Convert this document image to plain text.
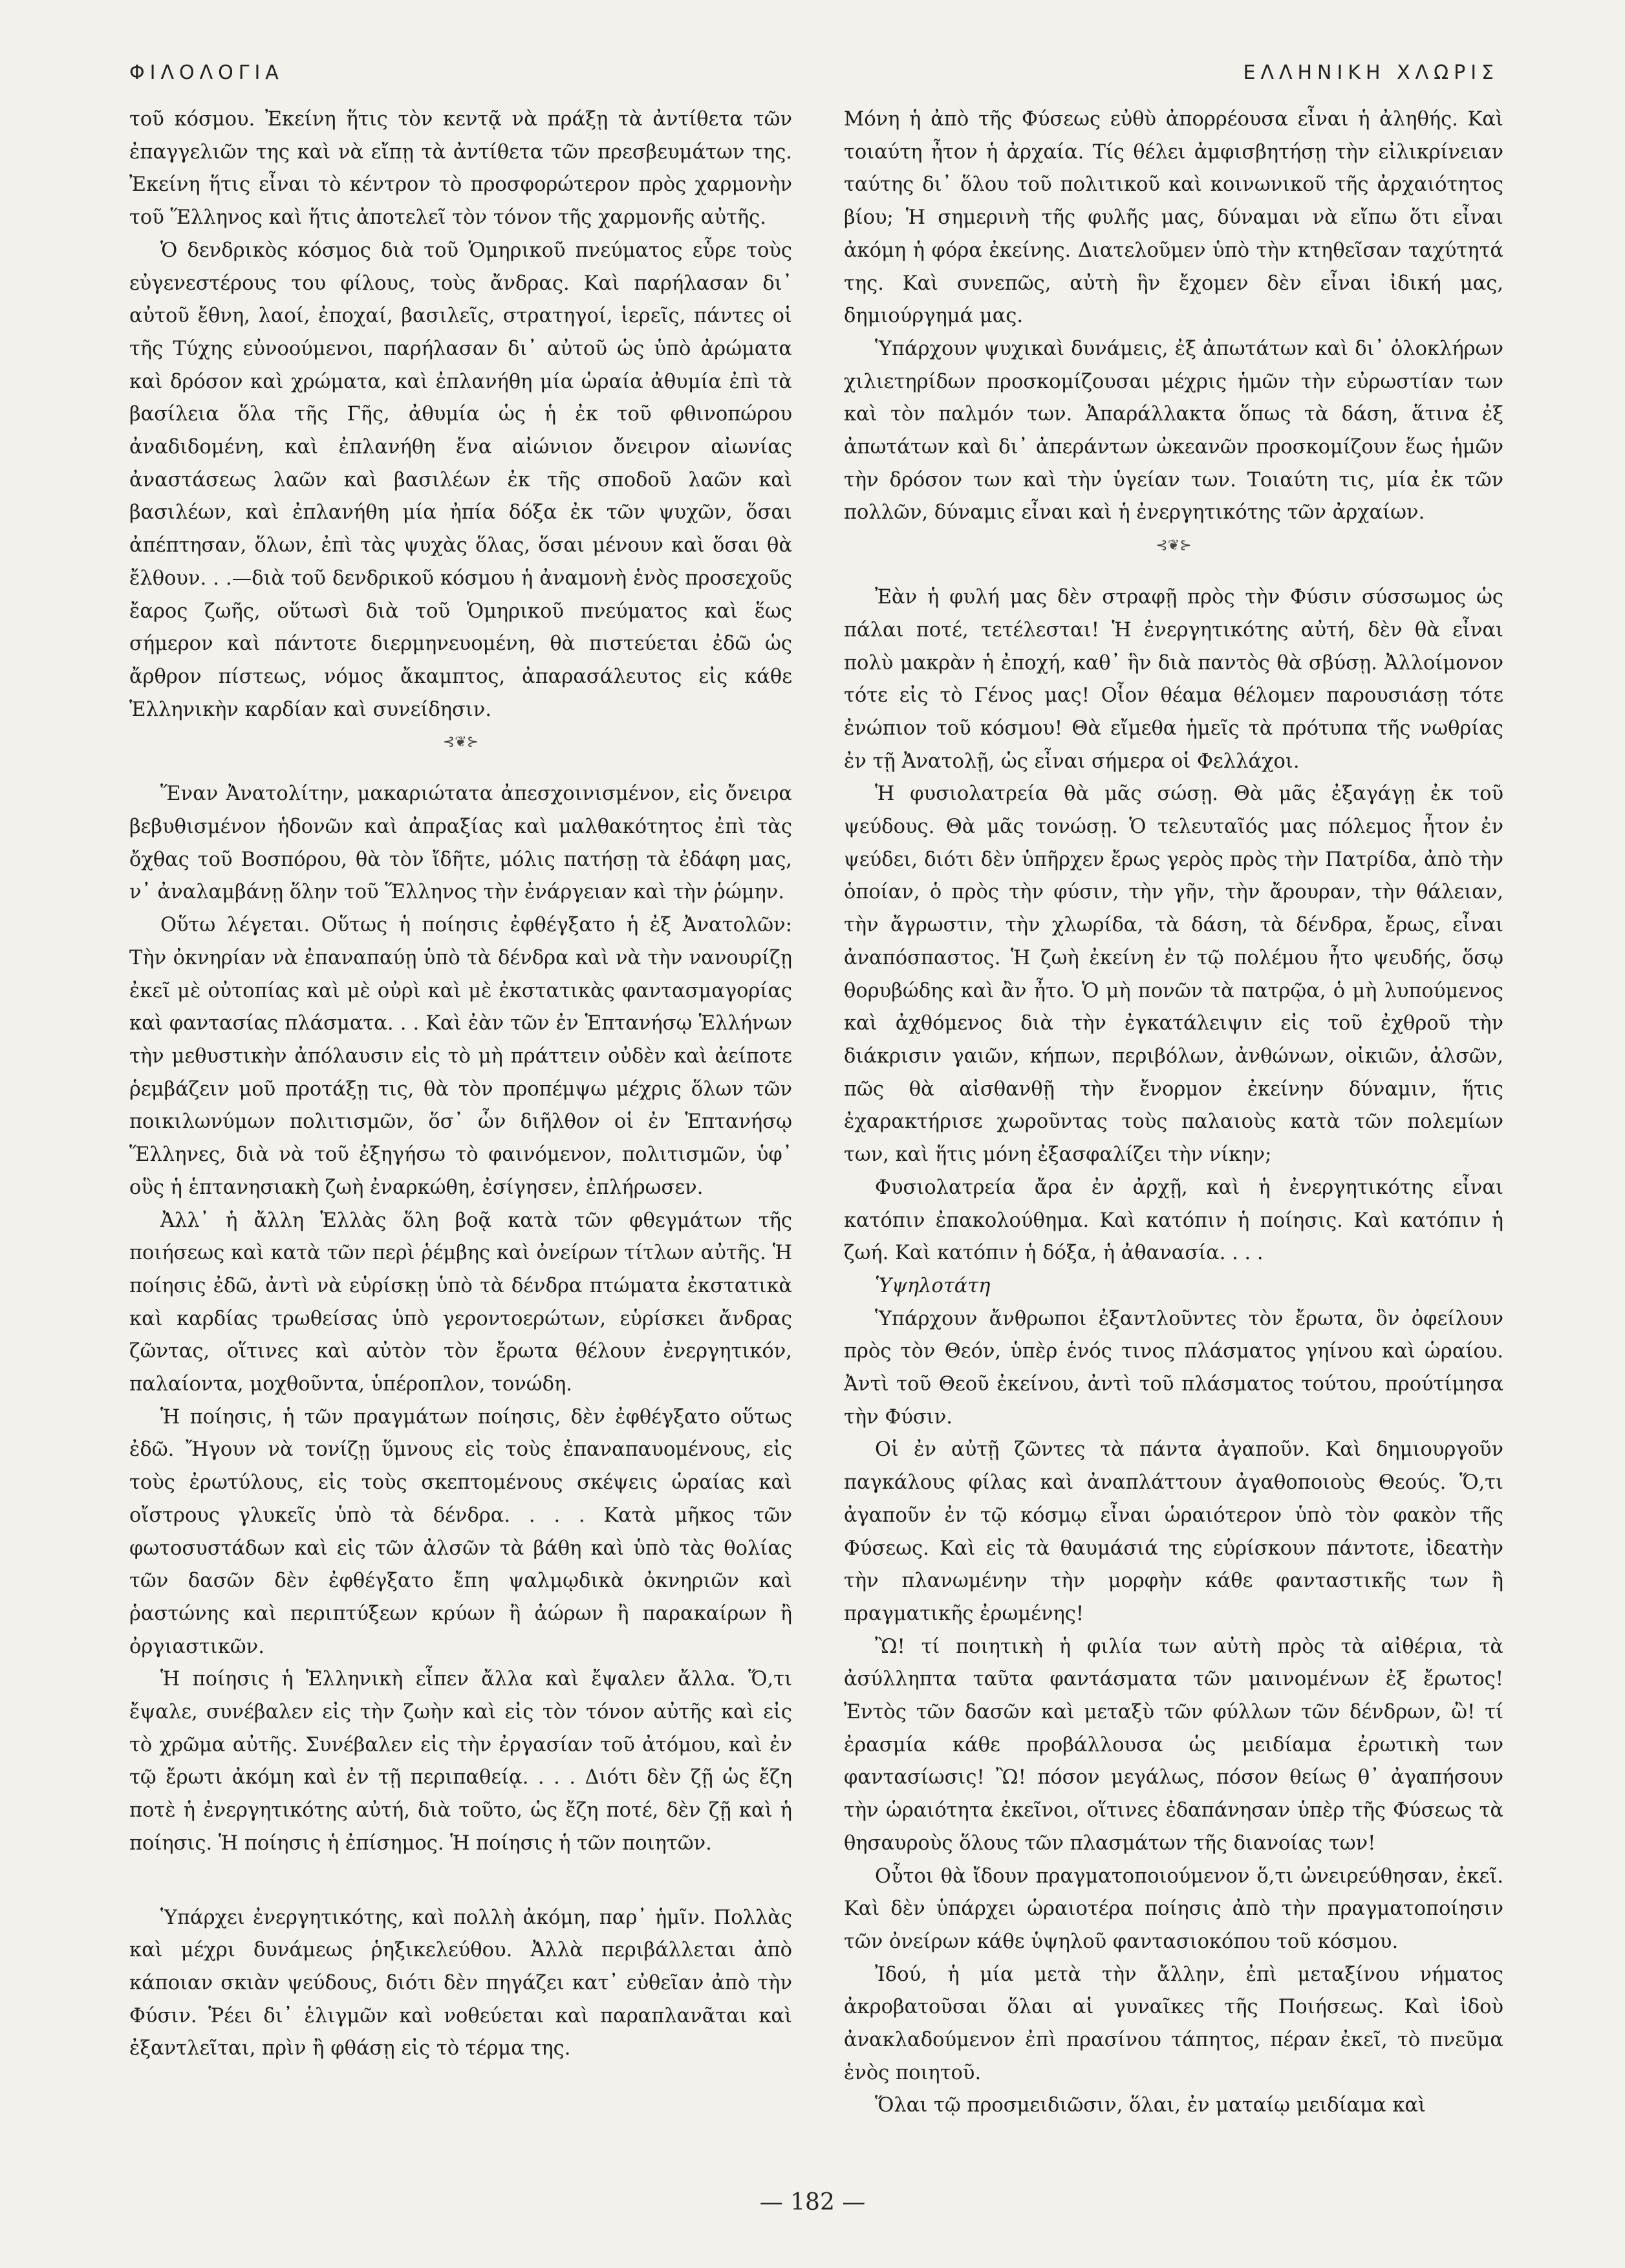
ΦΙΛΟΛΟΓΙΑ	ΕΛΛΗΝΙΚΗ ΧΛΩΡΙΣ

τοῦ κόσμου. Ἐκείνη ἥτις τὸν κεντᾷ νὰ πράξῃ τὰ ἀντίθετα τῶν ἐπαγγελιῶν της καὶ νὰ εἴπῃ τὰ ἀντίθετα τῶν πρεσβευμάτων της. Ἐκείνη ἥτις εἶναι τὸ κέντρον τὸ προσφορώτερον πρὸς χαρμονὴν τοῦ Ἕλληνος καὶ ἥτις ἀποτελεῖ τὸν τόνον τῆς χαρμονῆς αὐτῆς.

Ὁ δενδρικὸς κόσμος διὰ τοῦ Ὁμηρικοῦ πνεύματος εὗρε τοὺς εὐγενεστέρους του φίλους, τοὺς ἄνδρας. Καὶ παρήλασαν δι᾽ αὐτοῦ ἔθνη, λαοί, ἐποχαί, βασιλεῖς, στρατηγοί, ἱερεῖς, πάντες οἱ τῆς Τύχης εὐνοούμενοι, παρήλασαν δι᾽ αὐτοῦ ὡς ὑπὸ ἀρώματα καὶ δρόσον καὶ χρώματα, καὶ ἐπλανήθη μία ὡραία ἀθυμία ἐπὶ τὰ βασίλεια ὅλα τῆς Γῆς, ἀθυμία ὡς ἡ ἐκ τοῦ φθινοπώρου ἀναδιδομένη, καὶ ἐπλανήθη ἕνα αἰώνιον ὄνειρον αἰωνίας ἀναστάσεως λαῶν καὶ βασιλέων ἐκ τῆς σποδοῦ λαῶν καὶ βασιλέων, καὶ ἐπλανήθη μία ἠπία δόξα ἐκ τῶν ψυχῶν, ὅσαι ἀπέπτησαν, ὅλων, ἐπὶ τὰς ψυχὰς ὅλας, ὅσαι μένουν καὶ ὅσαι θὰ ἔλθουν. . .—διὰ τοῦ δενδρικοῦ κόσμου ἡ ἀναμονὴ ἑνὸς προσεχοῦς ἔαρος ζωῆς, οὕτωσὶ διὰ τοῦ Ὁμηρικοῦ πνεύματος καὶ ἕως σήμερον καὶ πάντοτε διερμηνευομένη, θὰ πιστεύεται ἐδῶ ὡς ἄρθρον πίστεως, νόμος ἄκαμπτος, ἀπαρασάλευτος εἰς κάθε Ἑλληνικὴν καρδίαν καὶ συνείδησιν.

⊰❦⊱

Ἕναν Ἀνατολίτην, μακαριώτατα ἀπεσχοινισμένον, εἰς ὄνειρα βεβυθισμένον ἡδονῶν καὶ ἀπραξίας καὶ μαλθακότητος ἐπὶ τὰς ὄχθας τοῦ Βοσπόρου, θὰ τὸν ἴδῆτε, μόλις πατήσῃ τὰ ἐδάφη μας, ν᾽ ἀναλαμβάνῃ ὅλην τοῦ Ἕλληνος τὴν ἐνάργειαν καὶ τὴν ῥώμην.

Οὕτω λέγεται. Οὕτως ἡ ποίησις ἐφθέγξατο ἡ ἐξ Ἀνατολῶν: Τὴν ὀκνηρίαν νὰ ἐπαναπαύῃ ὑπὸ τὰ δένδρα καὶ νὰ τὴν νανουρίζῃ ἐκεῖ μὲ οὐτοπίας καὶ μὲ οὐρὶ καὶ μὲ ἐκστατικὰς φαντασμαγορίας καὶ φαντασίας πλάσματα. . . Καὶ ἐὰν τῶν ἐν Ἑπτανήσῳ Ἑλλήνων τὴν μεθυστικὴν ἀπόλαυσιν εἰς τὸ μὴ πράττειν οὐδὲν καὶ ἀείποτε ῥεμβάζειν μοῦ προτάξῃ τις, θὰ τὸν προπέμψω μέχρις ὅλων τῶν ποικιλωνύμων πολιτισμῶν, ὅσ᾽ ὧν διῆλθον οἱ ἐν Ἑπτανήσῳ Ἕλληνες, διὰ νὰ τοῦ ἐξηγήσω τὸ φαινόμενον, πολιτισμῶν, ὑφ᾽ οὓς ἡ ἑπτανησιακὴ ζωὴ ἐναρκώθη, ἐσίγησεν, ἐπλήρωσεν.

Ἀλλ᾽ ἡ ἄλλη Ἑλλὰς ὅλη βοᾷ κατὰ τῶν φθεγμάτων τῆς ποιήσεως καὶ κατὰ τῶν περὶ ῥέμβης καὶ ὀνείρων τίτλων αὐτῆς. Ἡ ποίησις ἐδῶ, ἀντὶ νὰ εὑρίσκῃ ὑπὸ τὰ δένδρα πτώματα ἐκστατικὰ καὶ καρδίας τρωθείσας ὑπὸ γεροντοερώτων, εὑρίσκει ἄνδρας ζῶντας, οἵτινες καὶ αὐτὸν τὸν ἔρωτα θέλουν ἐνεργητικόν, παλαίοντα, μοχθοῦντα, ὑπέροπλον, τονώδη.

Ἡ ποίησις, ἡ τῶν πραγμάτων ποίησις, δὲν ἐφθέγξατο οὕτως ἐδῶ. Ἤγουν νὰ τονίζῃ ὕμνους εἰς τοὺς ἐπαναπαυομένους, εἰς τοὺς ἐρωτύλους, εἰς τοὺς σκεπτομένους σκέψεις ὡραίας καὶ οἴστρους γλυκεῖς ὑπὸ τὰ δένδρα. . . . Κατὰ μῆκος τῶν φωτοσυστάδων καὶ εἰς τῶν ἀλσῶν τὰ βάθη καὶ ὑπὸ τὰς θολίας τῶν δασῶν δὲν ἐφθέγξατο ἔπη ψαλμῳδικὰ ὀκνηριῶν καὶ ῥαστώνης καὶ περιπτύξεων κρύων ἢ ἀώρων ἢ παρακαίρων ἢ ὀργιαστικῶν.

Ἡ ποίησις ἡ Ἑλληνικὴ εἶπεν ἄλλα καὶ ἔψαλεν ἄλλα. Ὅ,τι ἔψαλε, συνέβαλεν εἰς τὴν ζωὴν καὶ εἰς τὸν τόνον αὐτῆς καὶ εἰς τὸ χρῶμα αὐτῆς. Συνέβαλεν εἰς τὴν ἐργασίαν τοῦ ἀτόμου, καὶ ἐν τῷ ἔρωτι ἀκόμη καὶ ἐν τῇ περιπαθείᾳ. . . . Διότι δὲν ζῇ ὡς ἔζη ποτὲ ἡ ἐνεργητικότης αὐτή, διὰ τοῦτο, ὡς ἔζη ποτέ, δὲν ζῇ καὶ ἡ ποίησις. Ἡ ποίησις ἡ ἐπίσημος. Ἡ ποίησις ἡ τῶν ποιητῶν.

Ὑπάρχει ἐνεργητικότης, καὶ πολλὴ ἀκόμη, παρ᾽ ἡμῖν. Πολλὰς καὶ μέχρι δυνάμεως ῥηξικελεύθου. Ἀλλὰ περιβάλλεται ἀπὸ κάποιαν σκιὰν ψεύδους, διότι δὲν πηγάζει κατ᾽ εὐθεῖαν ἀπὸ τὴν Φύσιν. Ῥέει δι᾽ ἑλιγμῶν καὶ νοθεύεται καὶ παραπλανᾶται καὶ ἐξαντλεῖται, πρὶν ἢ φθάσῃ εἰς τὸ τέρμα της.

Μόνη ἡ ἀπὸ τῆς Φύσεως εὐθὺ ἀπορρέουσα εἶναι ἡ ἀληθής. Καὶ τοιαύτη ἦτον ἡ ἀρχαία. Τίς θέλει ἀμφισβητήσῃ τὴν εἰλικρίνειαν ταύτης δι᾽ ὅλου τοῦ πολιτικοῦ καὶ κοινωνικοῦ τῆς ἀρχαιότητος βίου; Ἡ σημερινὴ τῆς φυλῆς μας, δύναμαι νὰ εἴπω ὅτι εἶναι ἀκόμη ἡ φόρα ἐκείνης. Διατελοῦμεν ὑπὸ τὴν κτηθεῖσαν ταχύτητά της. Καὶ συνεπῶς, αὐτὴ ἣν ἔχομεν δὲν εἶναι ἰδική μας, δημιούργημά μας.

Ὑπάρχουν ψυχικαὶ δυνάμεις, ἐξ ἀπωτάτων καὶ δι᾽ ὁλοκλήρων χιλιετηρίδων προσκομίζουσαι μέχρις ἡμῶν τὴν εὐρωστίαν των καὶ τὸν παλμόν των. Ἀπαράλλακτα ὅπως τὰ δάση, ἅτινα ἐξ ἀπωτάτων καὶ δι᾽ ἀπεράντων ὠκεανῶν προσκομίζουν ἕως ἡμῶν τὴν δρόσον των καὶ τὴν ὑγείαν των. Τοιαύτη τις, μία ἐκ τῶν πολλῶν, δύναμις εἶναι καὶ ἡ ἐνεργητικότης τῶν ἀρχαίων.

⊰❦⊱

Ἐὰν ἡ φυλή μας δὲν στραφῇ πρὸς τὴν Φύσιν σύσσωμος ὡς πάλαι ποτέ, τετέλεσται! Ἡ ἐνεργητικότης αὐτή, δὲν θὰ εἶναι πολὺ μακρὰν ἡ ἐποχή, καθ᾽ ἣν διὰ παντὸς θὰ σβύσῃ. Ἀλλοίμονον τότε εἰς τὸ Γένος μας! Οἷον θέαμα θέλομεν παρουσιάσῃ τότε ἐνώπιον τοῦ κόσμου! Θὰ εἴμεθα ἡμεῖς τὰ πρότυπα τῆς νωθρίας ἐν τῇ Ἀνατολῇ, ὡς εἶναι σήμερα οἱ Φελλάχοι.

Ἡ φυσιολατρεία θὰ μᾶς σώσῃ. Θὰ μᾶς ἐξαγάγῃ ἐκ τοῦ ψεύδους. Θὰ μᾶς τονώσῃ. Ὁ τελευταῖός μας πόλεμος ἦτον ἐν ψεύδει, διότι δὲν ὑπῆρχεν ἔρως γερὸς πρὸς τὴν Πατρίδα, ἀπὸ τὴν ὁποίαν, ὁ πρὸς τὴν φύσιν, τὴν γῆν, τὴν ἄρουραν, τὴν θάλειαν, τὴν ἄγρωστιν, τὴν χλωρίδα, τὰ δάση, τὰ δένδρα, ἔρως, εἶναι ἀναπόσπαστος. Ἡ ζωὴ ἐκείνη ἐν τῷ πολέμου ἦτο ψευδής, ὅσῳ θορυβώδης καὶ ἂν ἦτο. Ὁ μὴ πονῶν τὰ πατρῷα, ὁ μὴ λυπούμενος καὶ ἀχθόμενος διὰ τὴν ἐγκατάλειψιν εἰς τοῦ ἐχθροῦ τὴν διάκρισιν γαιῶν, κήπων, περιβόλων, ἀνθώνων, οἰκιῶν, ἀλσῶν, πῶς θὰ αἰσθανθῇ τὴν ἔνορμον ἐκείνην δύναμιν, ἥτις ἐχαρακτήρισε χωροῦντας τοὺς παλαιοὺς κατὰ τῶν πολεμίων των, καὶ ἥτις μόνη ἐξασφαλίζει τὴν νίκην;

Φυσιολατρεία ἄρα ἐν ἀρχῇ, καὶ ἡ ἐνεργητικότης εἶναι κατόπιν ἐπακολούθημα. Καὶ κατόπιν ἡ ποίησις. Καὶ κατόπιν ἡ ζωή. Καὶ κατόπιν ἡ δόξα, ἡ ἀθανασία. . . .

Ὑψηλοτάτη

Ὑπάρχουν ἄνθρωποι ἐξαντλοῦντες τὸν ἔρωτα, ὃν ὀφείλουν πρὸς τὸν Θεόν, ὑπὲρ ἑνός τινος πλάσματος γηίνου καὶ ὡραίου. Ἀντὶ τοῦ Θεοῦ ἐκείνου, ἀντὶ τοῦ πλάσματος τούτου, προύτίμησα τὴν Φύσιν.

Οἱ ἐν αὐτῇ ζῶντες τὰ πάντα ἀγαποῦν. Καὶ δημιουργοῦν παγκάλους φίλας καὶ ἀναπλάττουν ἀγαθοποιοὺς Θεούς. Ὅ,τι ἀγαποῦν ἐν τῷ κόσμῳ εἶναι ὡραιότερον ὑπὸ τὸν φακὸν τῆς Φύσεως. Καὶ εἰς τὰ θαυμάσιά της εὑρίσκουν πάντοτε, ἰδεατὴν τὴν πλανωμένην τὴν μορφὴν κάθε φανταστικῆς των ἢ πραγματικῆς ἐρωμένης!

Ὢ! τί ποιητικὴ ἡ φιλία των αὐτὴ πρὸς τὰ αἰθέρια, τὰ ἀσύλληπτα ταῦτα φαντάσματα τῶν μαινομένων ἐξ ἔρωτος! Ἐντὸς τῶν δασῶν καὶ μεταξὺ τῶν φύλλων τῶν δένδρων, ὢ! τί ἐρασμία κάθε προβάλλουσα ὡς μειδίαμα ἐρωτικὴ των φαντασίωσις! Ὢ! πόσον μεγάλως, πόσον θείως θ᾽ ἀγαπήσουν τὴν ὡραιότητα ἐκεῖνοι, οἵτινες ἐδαπάνησαν ὑπὲρ τῆς Φύσεως τὰ θησαυροὺς ὅλους τῶν πλασμάτων τῆς διανοίας των!

Οὗτοι θὰ ἴδουν πραγματοποιούμενον ὅ,τι ὠνειρεύθησαν, ἐκεῖ. Καὶ δὲν ὑπάρχει ὡραιοτέρα ποίησις ἀπὸ τὴν πραγματοποίησιν τῶν ὀνείρων κάθε ὑψηλοῦ φαντασιοκόπου τοῦ κόσμου.

Ἰδού, ἡ μία μετὰ τὴν ἄλλην, ἐπὶ μεταξίνου νήματος ἀκροβατοῦσαι ὅλαι αἱ γυναῖκες τῆς Ποιήσεως. Καὶ ἰδοὺ ἀνακλαδούμενον ἐπὶ πρασίνου τάπητος, πέραν ἐκεῖ, τὸ πνεῦμα ἑνὸς ποιητοῦ.

Ὅλαι τῷ προσμειδιῶσιν, ὅλαι, ἐν ματαίῳ μειδίαμα καὶ

— 182 —
